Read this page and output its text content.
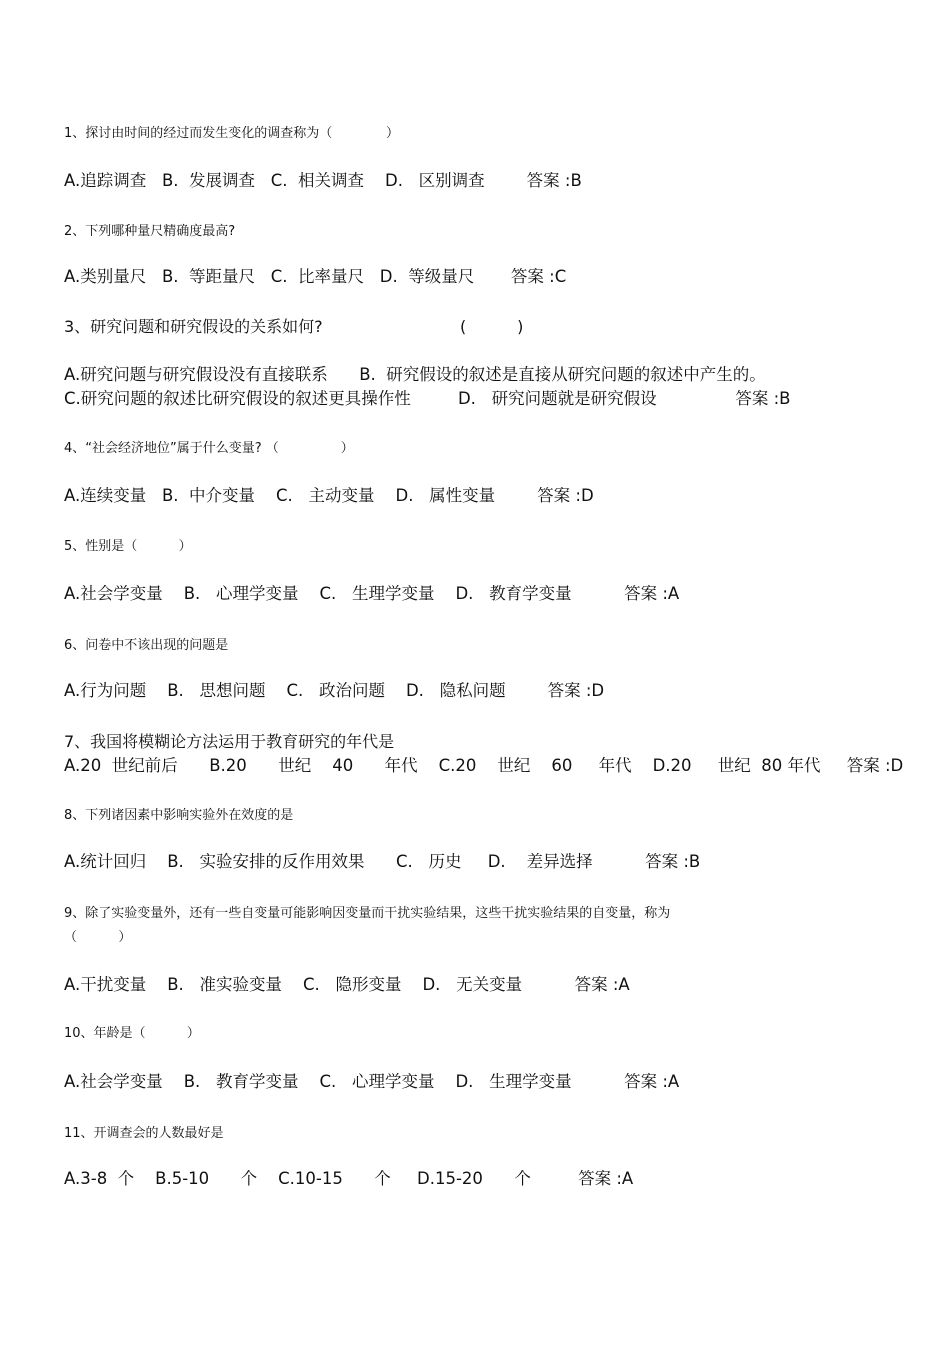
1、探讨由时间的经过而发生变化的调查称为（             ）
A.追踪调查   B.  发展调查   C.  相关调查    D.   区别调查        答案 :B
2、下列哪种量尺精确度最高?
A.类别量尺   B.  等距量尺   C.  比率量尺   D.  等级量尺       答案 :C
3、研究问题和研究假设的关系如何?                           (          )
A.研究问题与研究假设没有直接联系      B.  研究假设的叙述是直接从研究问题的叙述中产生的。
C.研究问题的叙述比研究假设的叙述更具操作性         D.   研究问题就是研究假设               答案 :B
4、“社会经济地位”属于什么变量? （               ）
A.连续变量   B.  中介变量    C.   主动变量    D.   属性变量        答案 :D
5、性别是（          ）
A.社会学变量    B.   心理学变量    C.   生理学变量    D.   教育学变量          答案 :A
6、问卷中不该出现的问题是
A.行为问题    B.   思想问题    C.   政治问题    D.   隐私问题        答案 :D
7、我国将模糊论方法运用于教育研究的年代是
A.20  世纪前后      B.20      世纪    40      年代    C.20    世纪    60     年代    D.20     世纪  80 年代     答案 :D
8、下列诸因素中影响实验外在效度的是
A.统计回归    B.   实验安排的反作用效果      C.   历史     D.    差异选择          答案 :B
9、除了实验变量外，还有一些自变量可能影响因变量而干扰实验结果，这些干扰实验结果的自变量，称为
（          ）
A.干扰变量    B.   准实验变量    C.   隐形变量    D.   无关变量          答案 :A
10、年龄是（          ）
A.社会学变量    B.   教育学变量    C.   心理学变量    D.   生理学变量          答案 :A
11、开调查会的人数最好是
A.3-8  个    B.5-10      个    C.10-15      个     D.15-20      个         答案 :A
